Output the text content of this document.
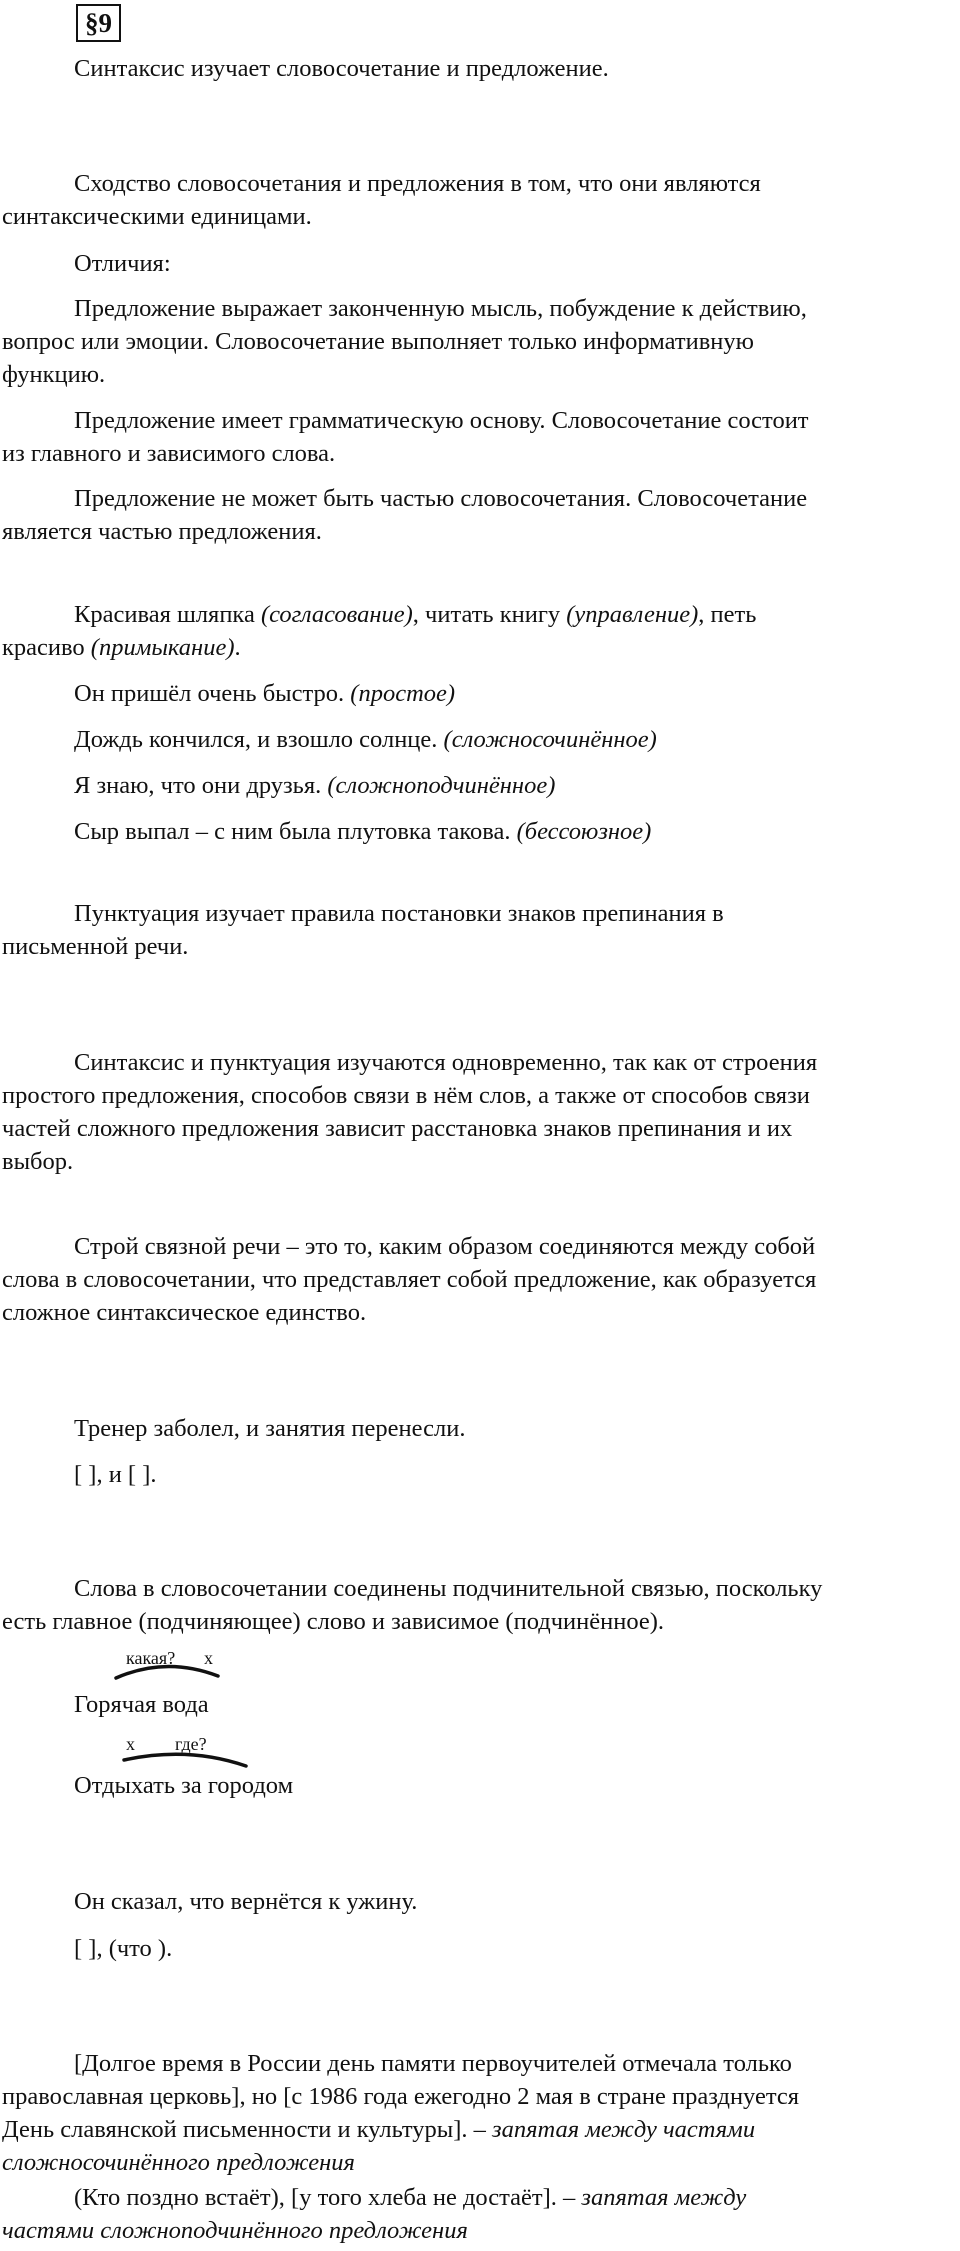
§9
Синтаксис изучает словосочетание и предложение.
Сходство словосочетания и предложения в том, что они являются
синтаксическими единицами.
Отличия:
Предложение выражает законченную мысль, побуждение к действию,
вопрос или эмоции. Словосочетание выполняет только информативную
функцию.
Предложение имеет грамматическую основу. Словосочетание состоит
из главного и зависимого слова.
Предложение не может быть частью словосочетания. Словосочетание
является частью предложения.
Красивая шляпка (согласование), читать книгу (управление), петь
красиво (примыкание).
Он пришёл очень быстро. (простое)
Дождь кончился, и взошло солнце. (сложносочинённое)
Я знаю, что они друзья. (сложноподчинённое)
Сыр выпал – с ним была плутовка такова. (бессоюзное)
Пунктуация изучает правила постановки знаков препинания в
письменной речи.
Синтаксис и пунктуация изучаются одновременно, так как от строения
простого предложения, способов связи в нём слов, а также от способов связи
частей сложного предложения зависит расстановка знаков препинания и их
выбор.
Строй связной речи – это то, каким образом соединяются между собой
слова в словосочетании, что представляет собой предложение, как образуется
сложное синтаксическое единство.
Тренер заболел, и занятия перенесли.
[ ], и [ ].
Слова в словосочетании соединены подчинительной связью, поскольку
есть главное (подчиняющее) слово и зависимое (подчинённое).
какая? х
Горячая вода
х где?
Отдыхать за городом
Он сказал, что вернётся к ужину.
[ ], (что ).
[Долгое время в России день памяти первоучителей отмечала только
православная церковь], но [с 1986 года ежегодно 2 мая в стране празднуется
День славянской письменности и культуры]. – запятая между частями
сложносочинённого предложения
(Кто поздно встаёт), [у того хлеба не достаёт]. – запятая между
частями сложноподчинённого предложения
